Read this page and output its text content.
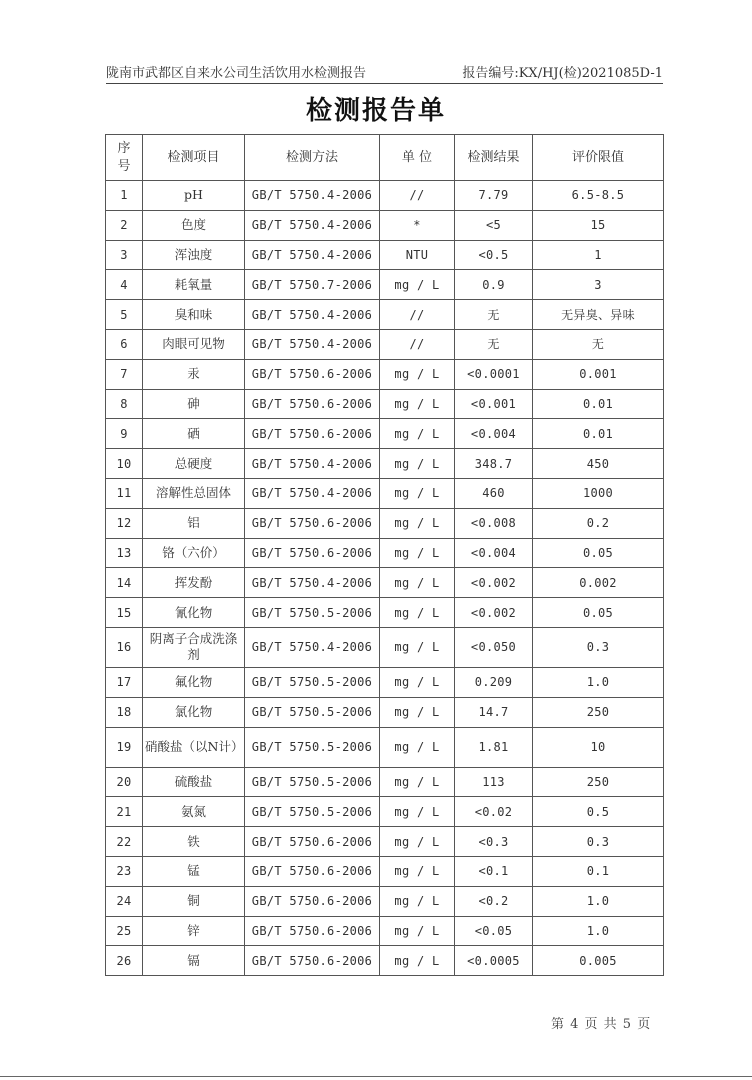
陇南市武都区自来水公司生活饮用水检测报告	报告编号:KX/HJ(检)2021085D-1
检测报告单
序号	检测项目	检测方法	单 位	检测结果	评价限值
1	pH	GB/T 5750.4-2006	//	7.79	6.5-8.5
2	色度	GB/T 5750.4-2006	*	<5	15
3	浑浊度	GB/T 5750.4-2006	NTU	<0.5	1
4	耗氧量	GB/T 5750.7-2006	mg / L	0.9	3
5	臭和味	GB/T 5750.4-2006	//	无	无异臭、异味
6	肉眼可见物	GB/T 5750.4-2006	//	无	无
7	汞	GB/T 5750.6-2006	mg / L	<0.0001	0.001
8	砷	GB/T 5750.6-2006	mg / L	<0.001	0.01
9	硒	GB/T 5750.6-2006	mg / L	<0.004	0.01
10	总硬度	GB/T 5750.4-2006	mg / L	348.7	450
11	溶解性总固体	GB/T 5750.4-2006	mg / L	460	1000
12	铝	GB/T 5750.6-2006	mg / L	<0.008	0.2
13	铬（六价）	GB/T 5750.6-2006	mg / L	<0.004	0.05
14	挥发酚	GB/T 5750.4-2006	mg / L	<0.002	0.002
15	氰化物	GB/T 5750.5-2006	mg / L	<0.002	0.05
16	阴离子合成洗涤剂	GB/T 5750.4-2006	mg / L	<0.050	0.3
17	氟化物	GB/T 5750.5-2006	mg / L	0.209	1.0
18	氯化物	GB/T 5750.5-2006	mg / L	14.7	250
19	硝酸盐（以N计）	GB/T 5750.5-2006	mg / L	1.81	10
20	硫酸盐	GB/T 5750.5-2006	mg / L	113	250
21	氨氮	GB/T 5750.5-2006	mg / L	<0.02	0.5
22	铁	GB/T 5750.6-2006	mg / L	<0.3	0.3
23	锰	GB/T 5750.6-2006	mg / L	<0.1	0.1
24	铜	GB/T 5750.6-2006	mg / L	<0.2	1.0
25	锌	GB/T 5750.6-2006	mg / L	<0.05	1.0
26	镉	GB/T 5750.6-2006	mg / L	<0.0005	0.005
第 4 页 共 5 页
